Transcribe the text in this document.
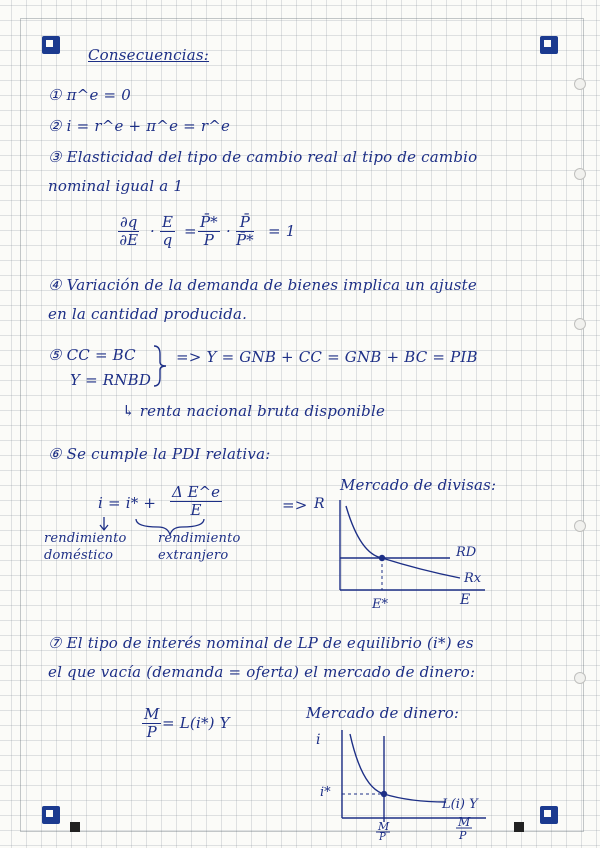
Consecuencias:
① π^e = 0
② i = r^e + π^e = r^e
③ Elasticidad del tipo de cambio real al tipo de cambio
nominal igual a 1
$\frac{\partial q}{\partial E} \cdot \frac{E}{q} = \frac{P̄*}{P} \cdot \frac{P̄}{P̄*} = 1$
④ Variación de la demanda de bienes implica un ajuste
en la cantidad producida.
⑤ CC = BC
Y = RNBD
=> Y = GNB + CC = GNB + BC = PIB
↳ renta nacional bruta disponible
⑥ Se cumple la PDI relativa:
$i = i* + \frac{\text{Δ E\textasciicircum{}e}}{E}$
rendimiento
doméstico
rendimiento
extranjero
=>
Mercado de divisas:
R
E
RD
Rx
E*
⑦ El tipo de interés nominal de LP de equilibrio (i*) es
el que vacía (demanda = oferta) el mercado de dinero:
$\frac{M}{P} = L(i*)$ Y
Mercado de dinero:
i
i*
L(i) Y
M
P
M
P
